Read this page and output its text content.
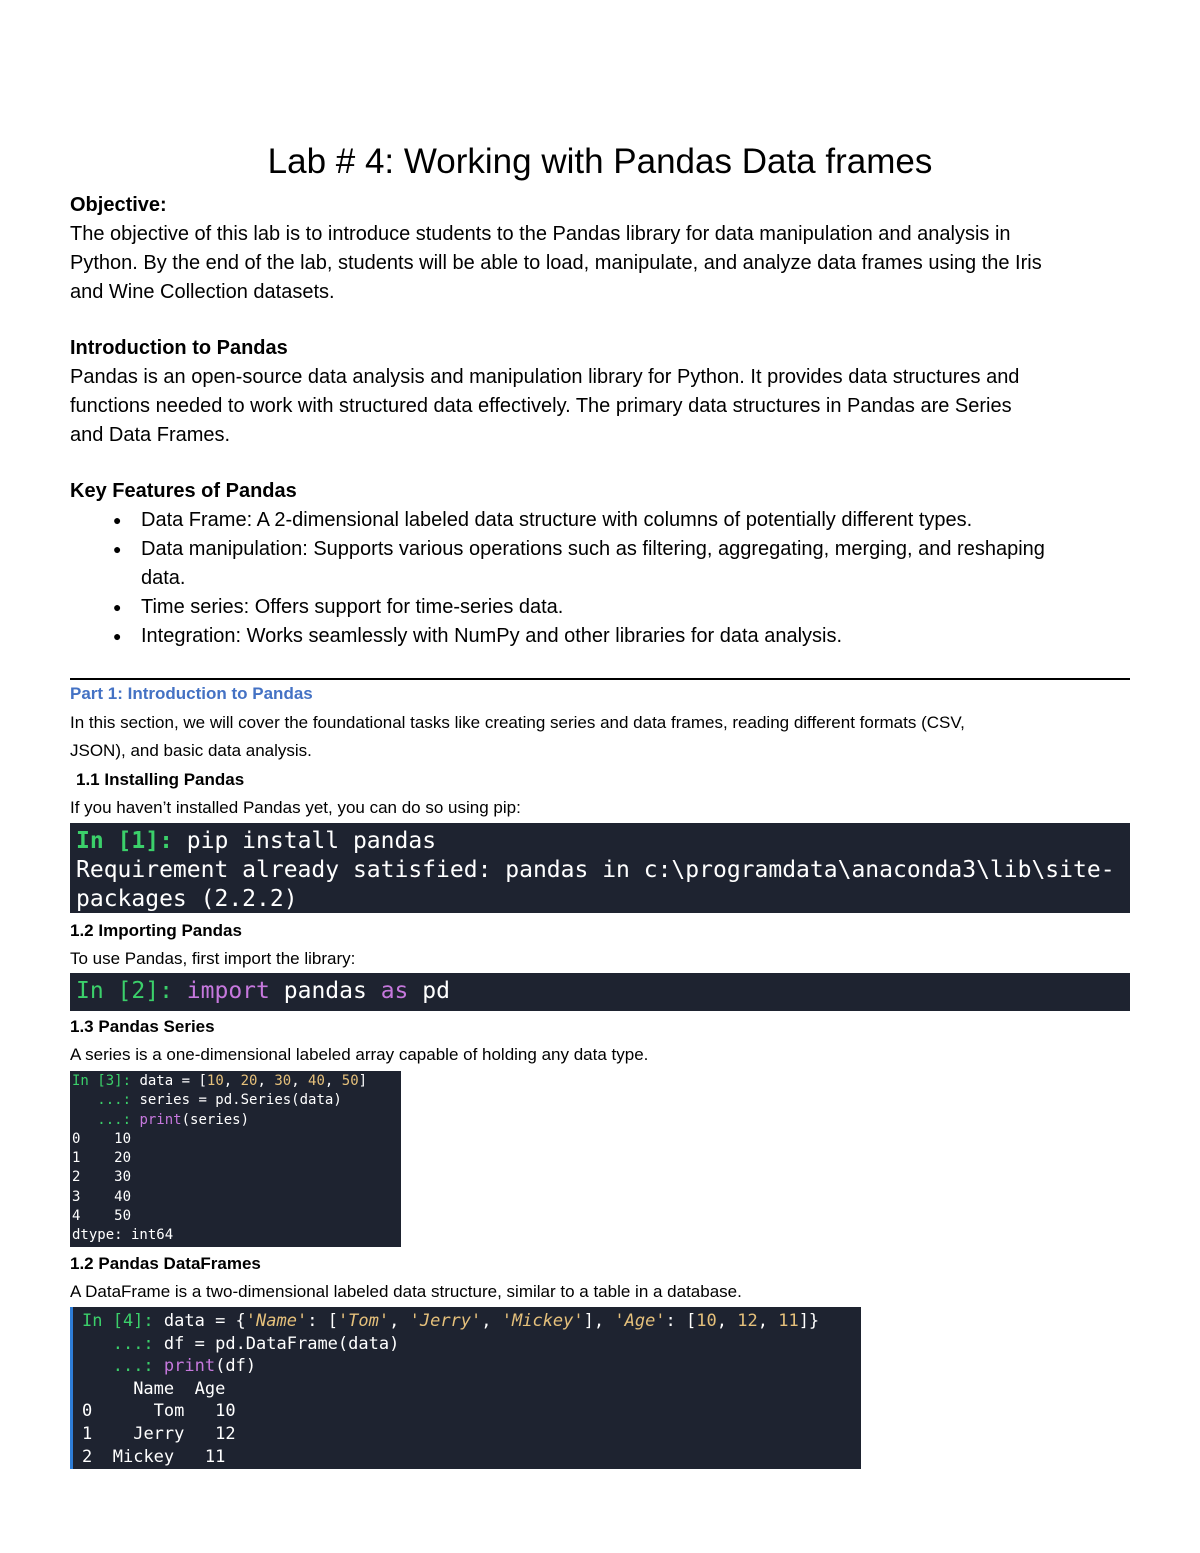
Lab # 4: Working with Pandas Data frames
Objective:
The objective of this lab is to introduce students to the Pandas library for data manipulation and analysis in
Python. By the end of the lab, students will be able to load, manipulate, and analyze data frames using the Iris
and Wine Collection datasets.
Introduction to Pandas
Pandas is an open-source data analysis and manipulation library for Python. It provides data structures and
functions needed to work with structured data effectively. The primary data structures in Pandas are Series
and Data Frames.
Key Features of Pandas
● Data Frame: A 2-dimensional labeled data structure with columns of potentially different types.
● Data manipulation: Supports various operations such as filtering, aggregating, merging, and reshaping
data.
● Time series: Offers support for time-series data.
● Integration: Works seamlessly with NumPy and other libraries for data analysis.
Part 1: Introduction to Pandas
In this section, we will cover the foundational tasks like creating series and data frames, reading different formats (CSV,
JSON), and basic data analysis.
1.1 Installing Pandas
If you haven’t installed Pandas yet, you can do so using pip:
In [1]: pip install pandas
Requirement already satisfied: pandas in c:\programdata\anaconda3\lib\site-
packages (2.2.2)
1.2 Importing Pandas
To use Pandas, first import the library:
In [2]: import pandas as pd
1.3 Pandas Series
A series is a one-dimensional labeled array capable of holding any data type.
In [3]: data = [10, 20, 30, 40, 50]
...: series = pd.Series(data)
...: print(series)
0 10
1 20
2 30
3 40
4 50
dtype: int64
1.2 Pandas DataFrames
A DataFrame is a two-dimensional labeled data structure, similar to a table in a database.
In [4]: data = {'Name': ['Tom', 'Jerry', 'Mickey'], 'Age': [10, 12, 11]}
...: df = pd.DataFrame(data)
...: print(df)
Name Age
0	Tom 10
1 Jerry 12
2 Mickey 11
